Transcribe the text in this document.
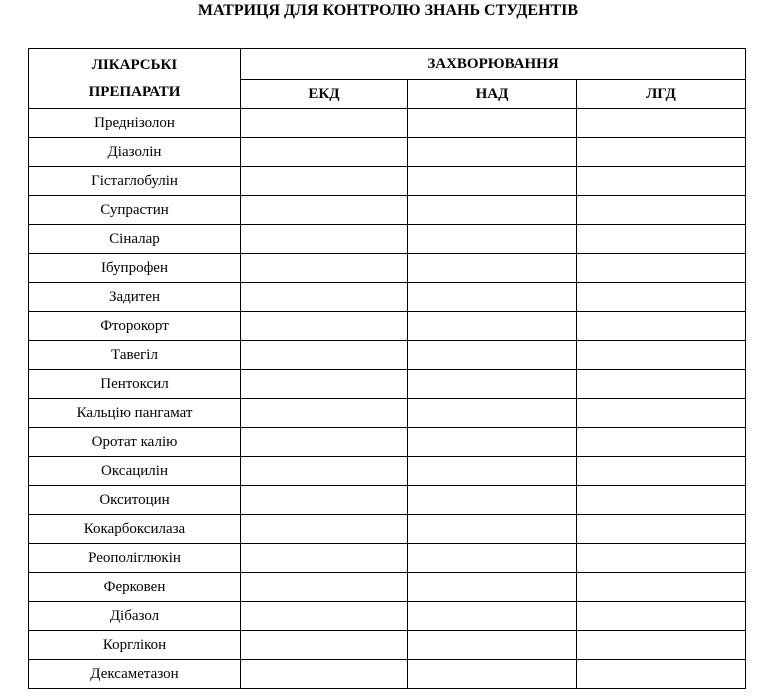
МАТРИЦЯ ДЛЯ КОНТРОЛЮ ЗНАНЬ СТУДЕНТІВ
ЛІКАРСЬКІ
ПРЕПАРАТИ	ЗАХВОРЮВАННЯ		
	ЕКД	НАД	ЛГД
Преднізолон			
Діазолін			
Гістаглобулін			
Супрастин			
Сіналар			
Ібупрофен			
Задитен			
Фторокорт			
Тавегіл			
Пентоксил			
Кальцію пангамат			
Оротат калію			
Оксацилін			
Окситоцин			
Кокарбоксилаза			
Реополіглюкін			
Ферковен			
Дібазол			
Корглікон			
Дексаметазон			
